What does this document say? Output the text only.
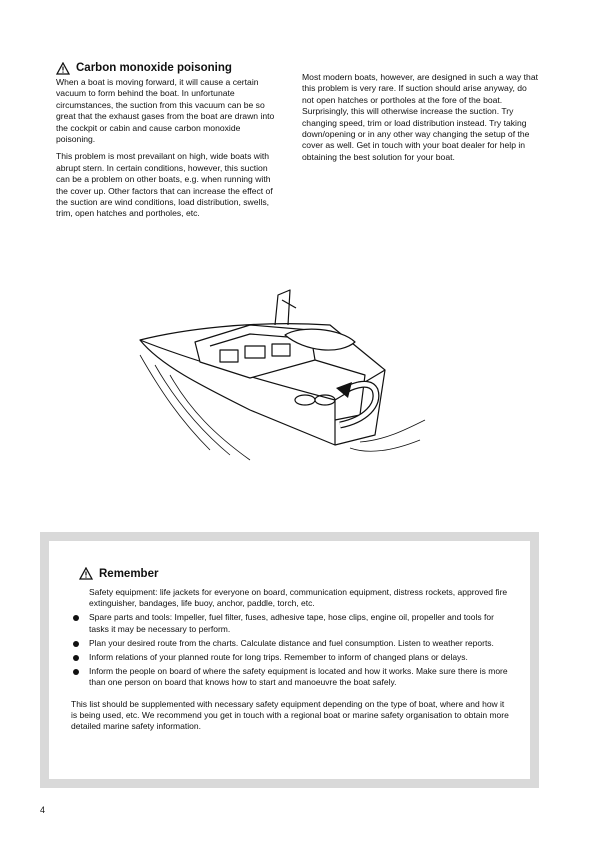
Carbon monoxide poisoning

When a boat is moving forward, it will cause a certain vacuum to form behind the boat. In unfortunate circumstances, the suction from this vacuum can be so great that the exhaust gases from the boat are drawn into the cockpit or cabin and cause carbon monoxide poisoning.

This problem is most prevailant on high, wide boats with abrupt stern. In certain conditions, however, this suction can be a problem on other boats, e.g. when running with the cover up. Other factors that can increase the effect of the suction are wind conditions, load distribution, swells, trim, open hatches and portholes, etc.

Most modern boats, however, are designed in such a way that this problem is very rare. If suction should arise anyway, do not open hatches or portholes at the fore of the boat. Surprisingly, this will otherwise increase the suction. Try changing speed, trim or load distribution instead. Try taking down/opening or in any other way changing the setup of the cover as well. Get in touch with your boat dealer for help in obtaining the best solution for your boat.

Remember
Safety equipment: life jackets for everyone on board, communication equipment, distress rockets, approved fire extinguisher, bandages, life buoy, anchor, paddle, torch, etc.
Spare parts and tools: Impeller, fuel filter, fuses, adhesive tape, hose clips, engine oil, propeller and tools for tasks it may be necessary to perform.
Plan your desired route from the charts. Calculate distance and fuel consumption. Listen to weather reports.
Inform relations of your planned route for long trips. Remember to inform of changed plans or delays.
Inform the people on board of where the safety equipment is located and how it works. Make sure there is more than one person on board that knows how to start and manoeuvre the boat safely.
This list should be supplemented with necessary safety equipment depending on the type of boat, where and how it is being used, etc. We recommend you get in touch with a regional boat or marine safety organisation to obtain more detailed marine safety information.
4
